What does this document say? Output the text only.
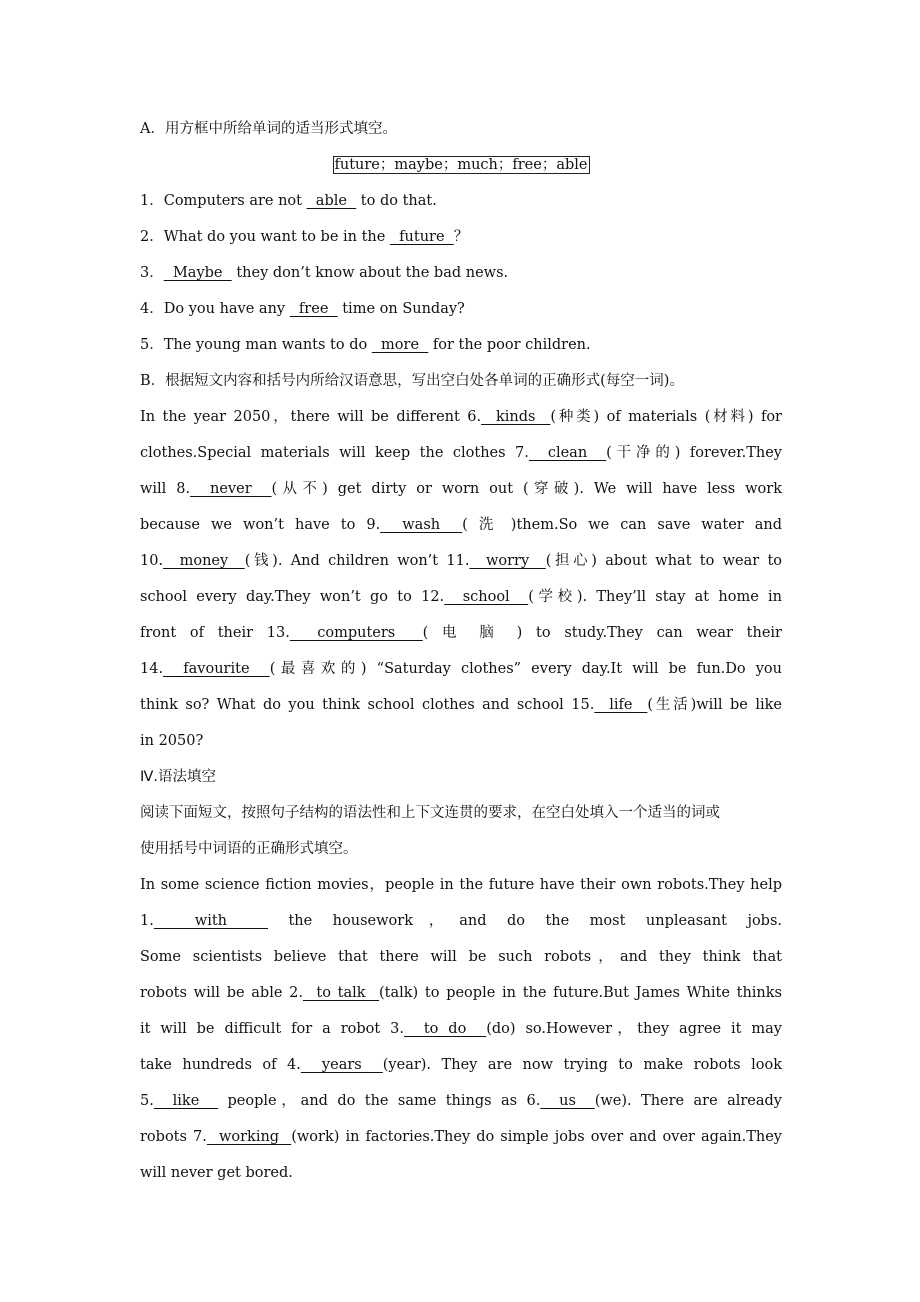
A．用方框中所给单词的适当形式填空。
future；maybe；much；free；able
1．Computers are not   able   to do that.
2．What do you want to be in the   future  ？
3．  Maybe   they don’t know about the bad news.
4．Do you have any   free   time on Sunday?
5．The young man wants to do   more   for the poor children.
B．根据短文内容和括号内所给汉语意思，写出空白处各单词的正确形式(每空一词)。
In the year 2050，there will be different 6.  kinds  (种类) of materials (材料) for
clothes.Special materials will keep the clothes 7.  clean  (干净的) forever.They
will 8.  never  (从不) get dirty or worn out (穿破). We will have less work
because we won’t have to 9.  wash  ( 洗 )them.So we can save water and
10.  money  (钱). And children won’t 11.  worry  (担心) about what to wear to
school every day.They won’t go to 12.  school  (学校). They’ll stay at home in
front of their 13.  computers  ( 电 脑 ) to study.They can wear their
14.  favourite  (最喜欢的) “Saturday clothes” every day.It will be fun.Do you
think so? What do you think school clothes and school 15.  life  (生活)will be like
in 2050?
Ⅳ.语法填空
阅读下面短文，按照句子结构的语法性和上下文连贯的要求，在空白处填入一个适当的词或
使用括号中词语的正确形式填空。
In some science fiction movies，people in the future have their own robots.They help
1.  with   the housework，and do the most unpleasant jobs.
Some scientists believe that there will be such robots，and they think that
robots will be able 2.  to talk  (talk) to people in the future.But James White thinks
it will be difficult for a robot 3.  to do  (do) so.However，they agree it may
take hundreds of 4.  years  (year). They are now trying to make robots look
5.  like   people，and do the same things as 6.  us  (we). There are already
robots 7.  working  (work) in factories.They do simple jobs over and over again.They
will never get bored.
